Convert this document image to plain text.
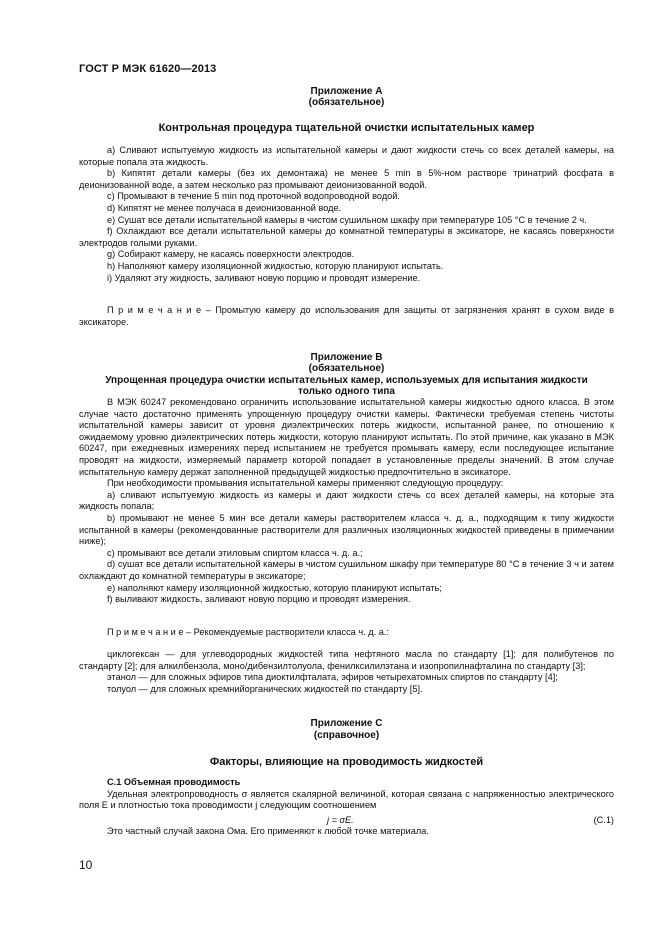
ГОСТ Р МЭК 61620—2013
Приложение А
(обязательное)
Контрольная процедура тщательной очистки испытательных камер

a) Сливают испытуемую жидкость из испытательной камеры и дают жидкости стечь со всех деталей камеры, на которые попала эта жидкость.

b) Кипятят детали камеры (без их демонтажа) не менее 5 min в 5%-ном растворе тринатрий фосфата в деионизованной воде, а затем несколько раз промывают деионизованной водой.

c) Промывают в течение 5 min под проточной водопроводной водой.

d) Кипятят не менее получаса в деионизованной воде.

e) Сушат все детали испытательной камеры в чистом сушильном шкафу при температуре 105 °С в течение 2 ч.

f) Охлаждают все детали испытательной камеры до комнатной температуры в эксикаторе, не касаясь поверхности электродов голыми руками.

g) Собирают камеру, не касаясь поверхности электродов.

h) Наполняют камеру изоляционной жидкостью, которую планируют испытать.

i) Удаляют эту жидкость, заливают новую порцию и проводят измерение.

П р и м е ч а н и е – Промытую камеру до использования для защиты от загрязнения хранят в сухом виде в эксикаторе.

Приложение В
(обязательное)
Упрощенная процедура очистки испытательных камер, используемых для испытания жидкости
только одного типа

В МЭК 60247 рекомендовано ограничить использование испытательной камеры жидкостью одного класса. В этом случае часто достаточно применять упрощенную процедуру очистки камеры. Фактически требуемая степень чистоты испытательной камеры зависит от уровня диэлектрических потерь жидкости, испытанной ранее, по отношению к ожидаемому уровню диэлектрических потерь жидкости, которую планируют испытать. По этой причине, как указано в МЭК 60247, при ежедневных измерениях перед испытанием не требуется промывать камеру, если последующее испытание проводят на жидкости, измеряемый параметр которой попадает в установленные пределы значений. В этом случае испытательную камеру держат заполненной предыдущей жидкостью предпочтительно в эксикаторе.

При необходимости промывания испытательной камеры применяют следующую процедуру:

a) сливают испытуемую жидкость из камеры и дают жидкости стечь со всех деталей камеры, на которые эта жидкость попала;

b) промывают не менее 5 мин все детали камеры растворителем класса ч. д. а., подходящим к типу жидкости испытанной в камеры (рекомендованные растворители для различных изоляционных жидкостей приведены в примечании ниже);

c) промывают все детали этиловым спиртом класса ч. д. а.;

d) сушат все детали испытательной камеры в чистом сушильном шкафу при температуре 80 °С в течение 3 ч и затем охлаждают до комнатной температуры в эксикаторе;

e) наполняют камеру изоляционной жидкостью, которую планируют испытать;

f) выливают жидкость, заливают новую порцию и проводят измерения.

П р и м е ч а н и е – Рекомендуемые растворители класса ч. д. а.:

циклогексан — для углеводородных жидкостей типа нефтяного масла по стандарту [1]; для полибутенов по стандарту [2]; для алкилбензола, моно/дибензилтолуола, фенилксилилэтана и изопропилнафталина по стандарту [3];

этанол — для сложных эфиров типа диоктилфталата, эфиров четырехатомных спиртов по стандарту [4];

толуол — для сложных кремнийорганических жидкостей по стандарту [5].

Приложение С
(справочное)
Факторы, влияющие на проводимость жидкостей

С.1 Объемная проводимость

Удельная электропроводность σ является скалярной величиной, которая связана с напряженностью электрического поля E и плотностью тока проводимости j следующим соотношением

j = σE.	(С.1)

Это частный случай закона Ома. Его применяют к любой точке материала.

10
